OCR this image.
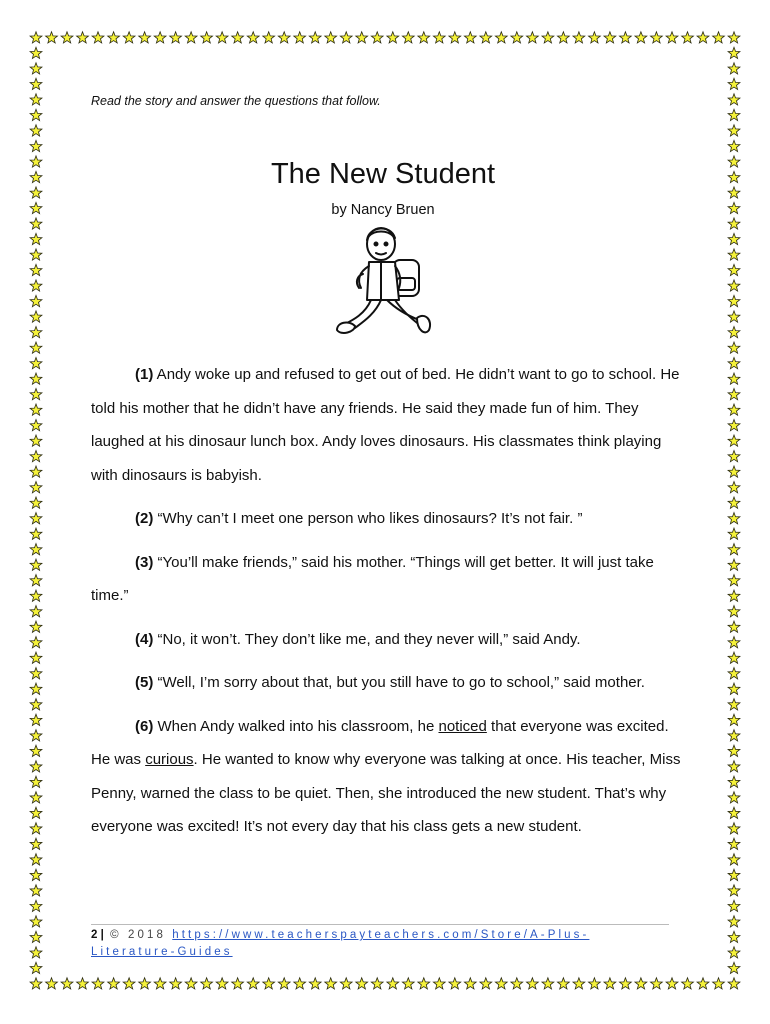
Read the story and answer the questions that follow.
The New Student
by Nancy Bruen

(1) Andy woke up and refused to get out of bed. He didn’t want to go to school. He told his mother that he didn’t have any friends. He said they made fun of him. They laughed at his dinosaur lunch box. Andy loves dinosaurs. His classmates think playing with dinosaurs is babyish.

(2) “Why can’t I meet one person who likes dinosaurs? It’s not fair. ”

(3) “You’ll make friends,” said his mother. “Things will get better. It will just take time.”

(4) “No, it won’t. They don’t like me, and they never will,” said Andy.

(5) “Well, I’m sorry about that, but you still have to go to school,” said mother.

(6) When Andy walked into his classroom, he noticed that everyone was excited. He was curious. He wanted to know why everyone was talking at once. His teacher, Miss Penny, warned the class to be quiet. Then, she introduced the new student. That’s why everyone was excited! It’s not every day that his class gets a new student.

2 | © 2018 https://www.teacherspayteachers.com/Store/A-Plus-Literature-Guides
